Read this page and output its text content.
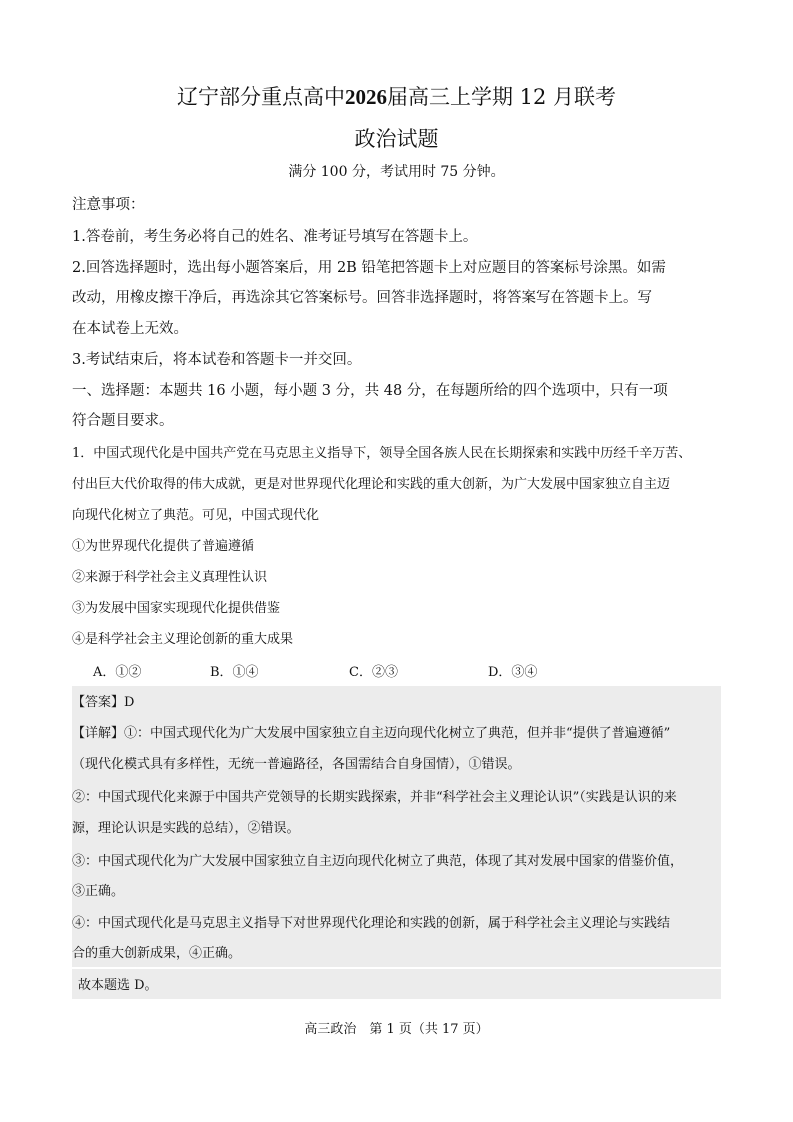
辽宁部分重点高中2026届高三上学期 12 月联考
政治试题
满分 100 分，考试用时 75 分钟。
注意事项：
1.答卷前，考生务必将自己的姓名、准考证号填写在答题卡上。
2.回答选择题时，选出每小题答案后，用 2B 铅笔把答题卡上对应题目的答案标号涂黑。如需
改动，用橡皮擦干净后，再选涂其它答案标号。回答非选择题时，将答案写在答题卡上。写
在本试卷上无效。
3.考试结束后，将本试卷和答题卡一并交回。
一、选择题：本题共 16 小题，每小题 3 分，共 48 分，在每题所给的四个选项中，只有一项
符合题目要求。
1．中国式现代化是中国共产党在马克思主义指导下，领导全国各族人民在长期探索和实践中历经千辛万苦、
付出巨大代价取得的伟大成就，更是对世界现代化理论和实践的重大创新，为广大发展中国家独立自主迈
向现代化树立了典范。可见，中国式现代化
①为世界现代化提供了普遍遵循
②来源于科学社会主义真理性认识
③为发展中国家实现现代化提供借鉴
④是科学社会主义理论创新的重大成果
A．①②	B．①④	C．②③	D．③④
【答案】D
【详解】①：中国式现代化为广大发展中国家独立自主迈向现代化树立了典范，但并非“提供了普遍遵循”
（现代化模式具有多样性，无统一普遍路径，各国需结合自身国情），①错误。
②：中国式现代化来源于中国共产党领导的长期实践探索，并非“科学社会主义理论认识”（实践是认识的来
源，理论认识是实践的总结），②错误。
③：中国式现代化为广大发展中国家独立自主迈向现代化树立了典范，体现了其对发展中国家的借鉴价值，
③正确。
④：中国式现代化是马克思主义指导下对世界现代化理论和实践的创新，属于科学社会主义理论与实践结
合的重大创新成果，④正确。
故本题选 D。
高三政治　第 1 页（共 17 页）
